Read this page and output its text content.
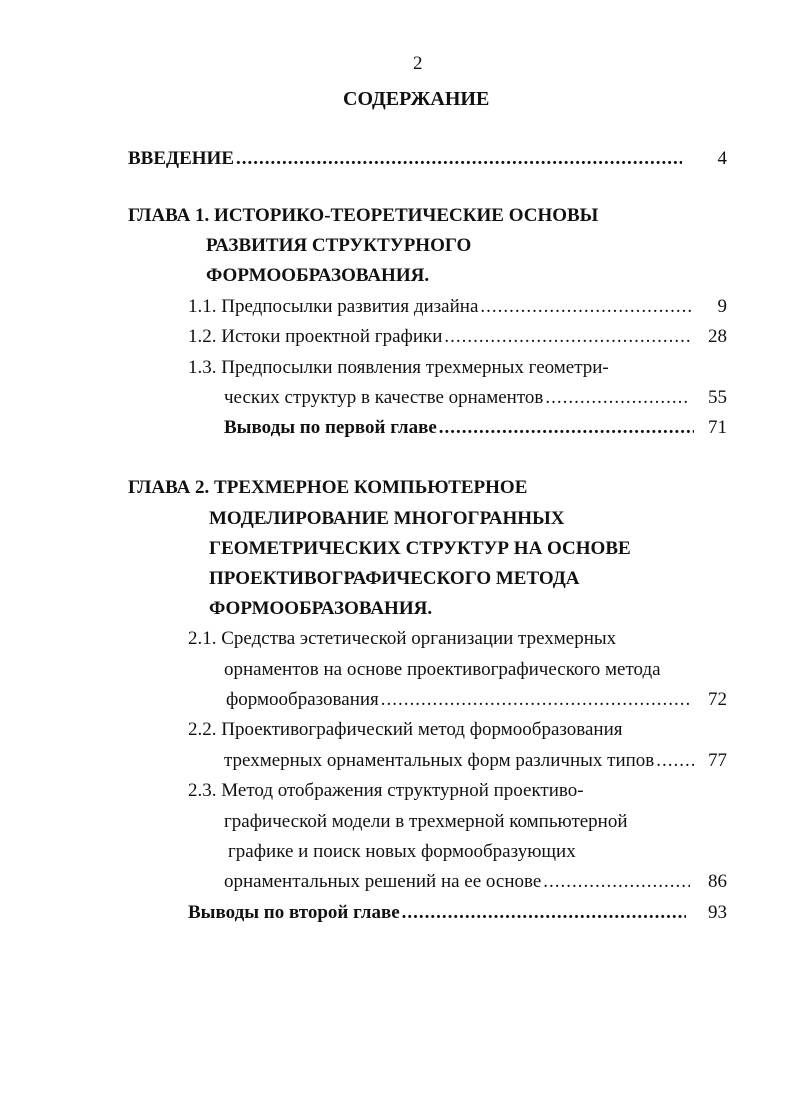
2
СОДЕРЖАНИЕ
ВВЕДЕНИЕ .....	4
ГЛАВА 1. ИСТОРИКО-ТЕОРЕТИЧЕСКИЕ ОСНОВЫ
РАЗВИТИЯ СТРУКТУРНОГО
ФОРМООБРАЗОВАНИЯ.
1.1. Предпосылки развития дизайна .....	9
1.2. Истоки проектной графики .....	28
1.3. Предпосылки появления трехмерных геометри-
ческих структур в качестве орнаментов .....	55
Выводы по первой главе .....	71
ГЛАВА 2. ТРЕХМЕРНОЕ КОМПЬЮТЕРНОЕ
МОДЕЛИРОВАНИЕ МНОГОГРАННЫХ
ГЕОМЕТРИЧЕСКИХ СТРУКТУР НА ОСНОВЕ
ПРОЕКТИВОГРАФИЧЕСКОГО МЕТОДА
ФОРМООБРАЗОВАНИЯ.
2.1. Средства эстетической организации трехмерных
орнаментов на основе проективографического метода
формообразования .....	72
2.2. Проективографический метод формообразования
трехмерных орнаментальных форм различных типов .....	77
2.3. Метод отображения структурной проективо-
графической модели в трехмерной компьютерной
графике и поиск новых формообразующих
орнаментальных решений на ее основе .....	86
Выводы по второй главе .....	93
